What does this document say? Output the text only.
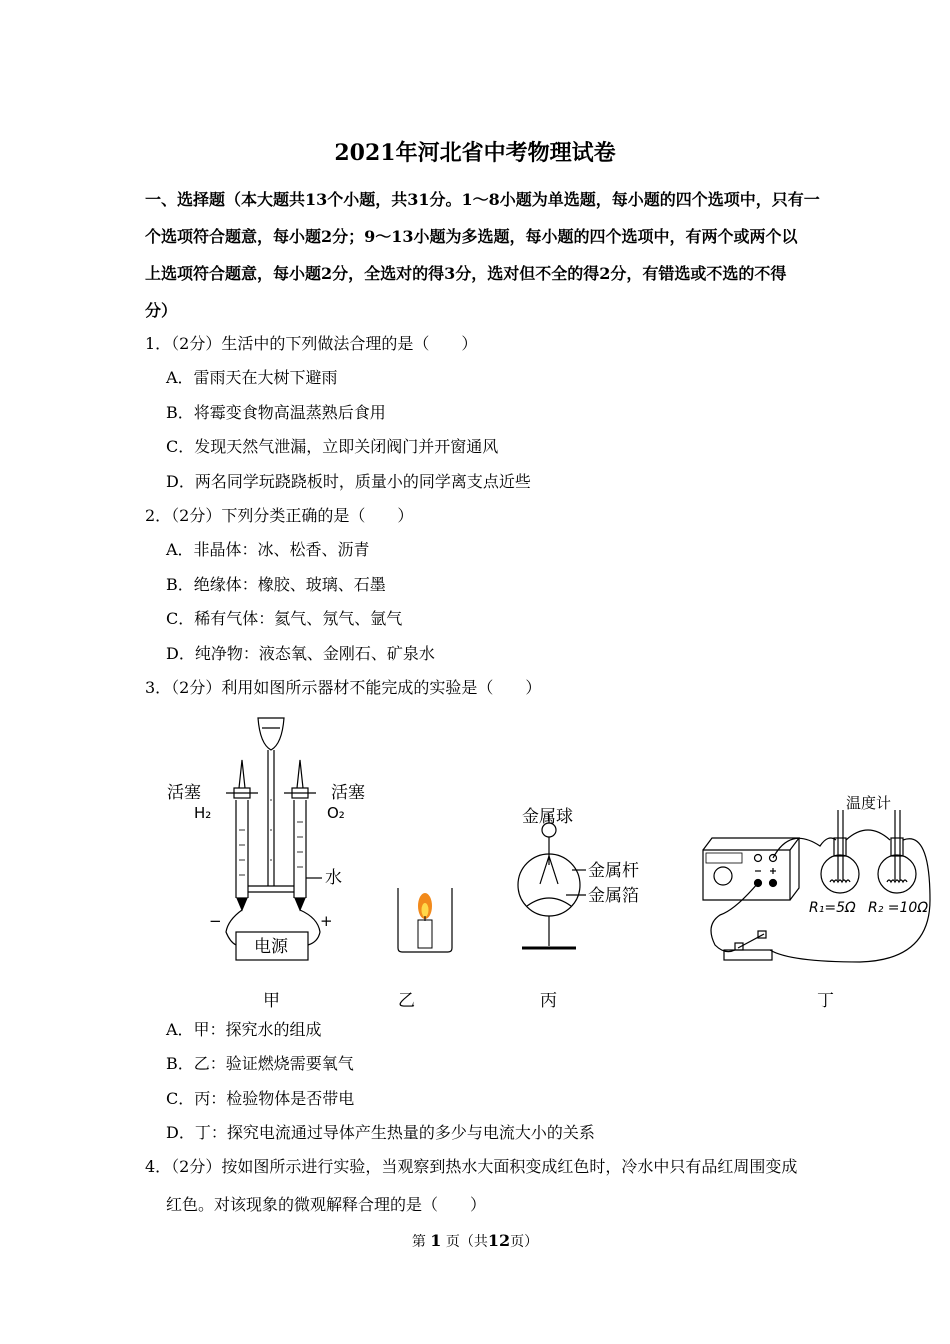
2021年河北省中考物理试卷
一、选择题（本大题共13个小题，共31分。1～8小题为单选题，每小题的四个选项中，只有一
个选项符合题意，每小题2分；9～13小题为多选题，每小题的四个选项中，有两个或两个以
上选项符合题意，每小题2分，全选对的得3分，选对但不全的得2分，有错选或不选的不得
分）
1．（2分）生活中的下列做法合理的是（　　）
A．雷雨天在大树下避雨
B．将霉变食物高温蒸熟后食用
C．发现天然气泄漏，立即关闭阀门并开窗通风
D．两名同学玩跷跷板时，质量小的同学离支点近些
2．（2分）下列分类正确的是（　　）
A．非晶体：冰、松香、沥青
B．绝缘体：橡胶、玻璃、石墨
C．稀有气体：氦气、氖气、氩气
D．纯净物：液态氧、金刚石、矿泉水
3．（2分）利用如图所示器材不能完成的实验是（　　）
活塞	活塞
H₂	O₂
水
−	+
电源
金属球
金属杆
金属箔
温度计
R₁=5Ω R₂ =10Ω
甲	乙	丙	丁
A．甲：探究水的组成
B．乙：验证燃烧需要氧气
C．丙：检验物体是否带电
D．丁：探究电流通过导体产生热量的多少与电流大小的关系
4．（2分）按如图所示进行实验，当观察到热水大面积变成红色时，冷水中只有品红周围变成
红色。对该现象的微观解释合理的是（　　）
第 1 页（共12页）
